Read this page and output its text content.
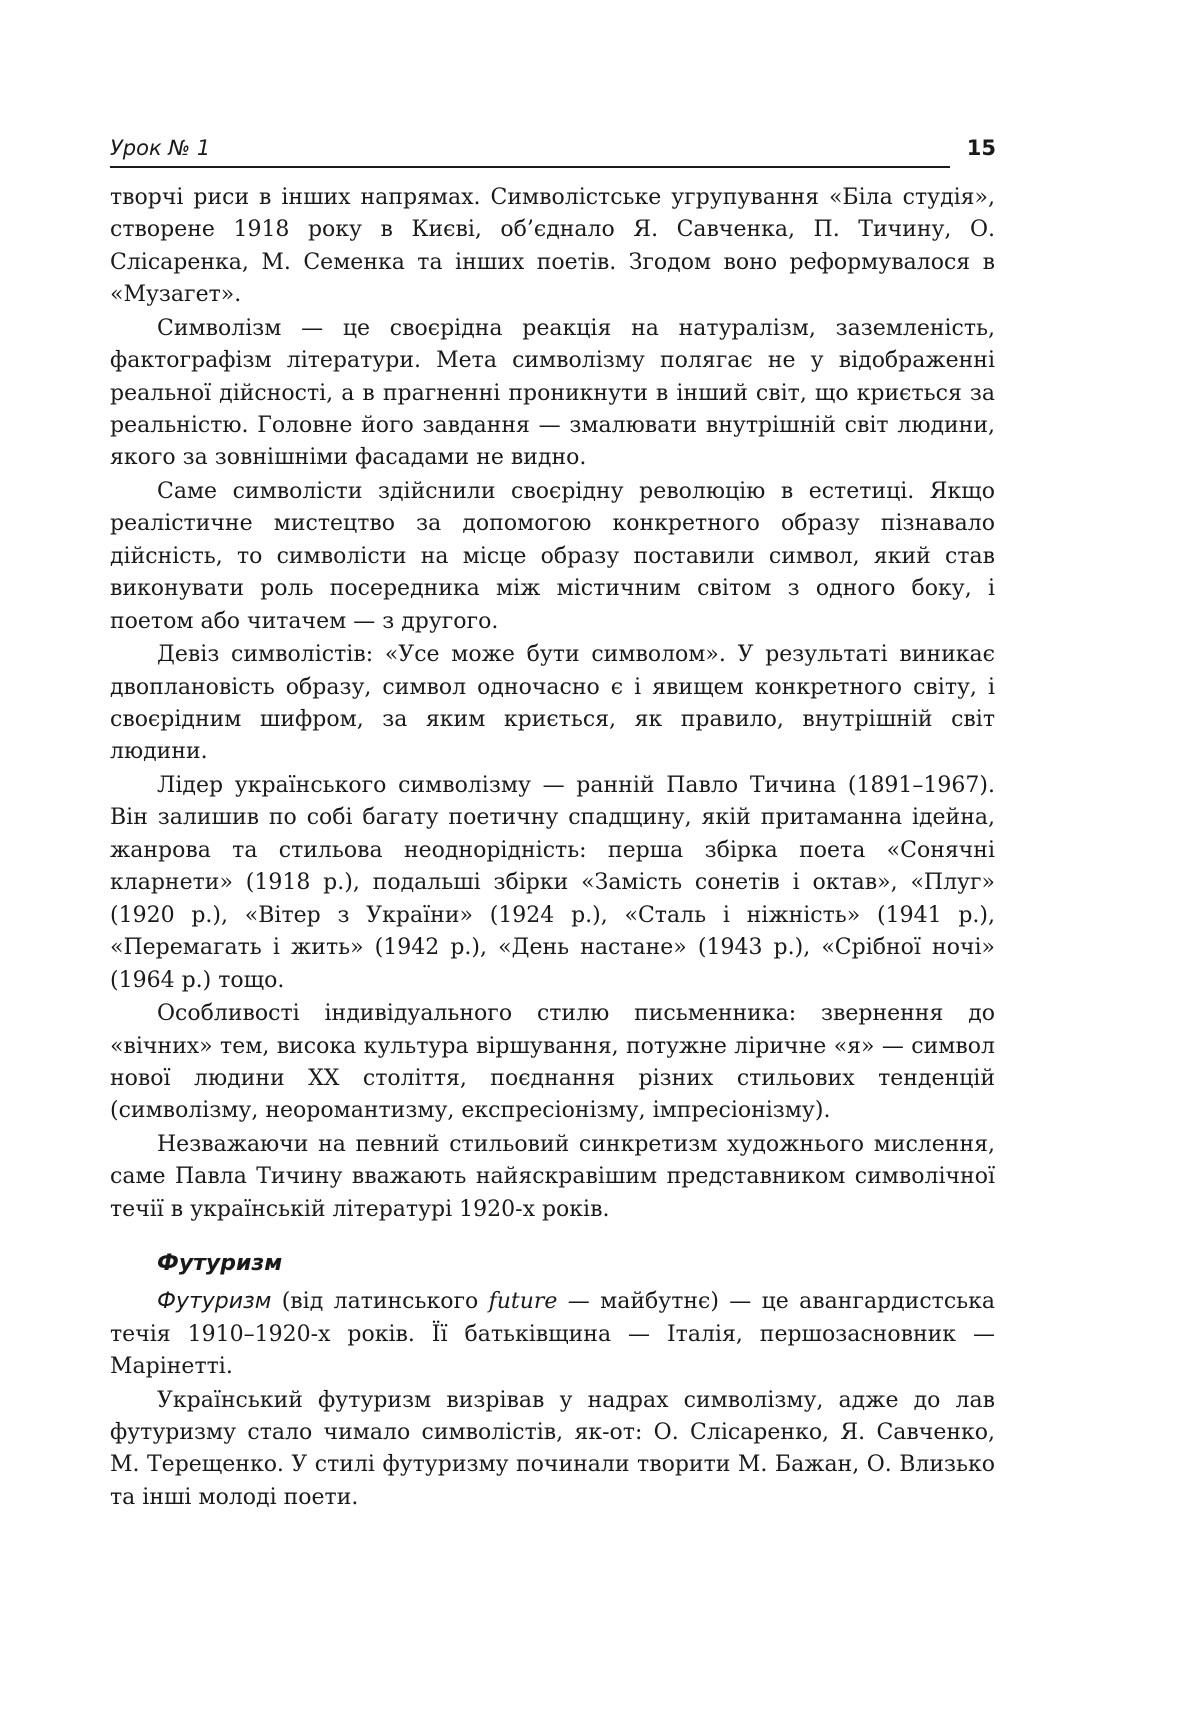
Урок № 1	15

творчі риси в інших напрямах. Символістське угрупування «Біла студія», створене 1918 року в Києві, об’єднало Я. Савченка, П. Тичину, О. Слісаренка, М. Семенка та інших поетів. Згодом воно реформувалося в «Музагет».

Символізм — це своєрідна реакція на натуралізм, заземленість, фактографізм літератури. Мета символізму полягає не у відображенні реальної дійсності, а в прагненні проникнути в інший світ, що криється за реальністю. Головне його завдання — змалювати внутрішній світ людини, якого за зовнішніми фасадами не видно.

Саме символісти здійснили своєрідну революцію в естетиці. Якщо реалістичне мистецтво за допомогою конкретного образу пізнавало дійсність, то символісти на місце образу поставили символ, який став виконувати роль посередника між містичним світом з одного боку, і поетом або читачем — з другого.

Девіз символістів: «Усе може бути символом». У результаті виникає двоплановість образу, символ одночасно є і явищем конкретного світу, і своєрідним шифром, за яким криється, як правило, внутрішній світ людини.

Лідер українського символізму — ранній Павло Тичина (1891–1967). Він залишив по собі багату поетичну спадщину, якій притаманна ідейна, жанрова та стильова неоднорідність: перша збірка поета «Сонячні кларнети» (1918 р.), подальші збірки «Замість сонетів і октав», «Плуг» (1920 р.), «Вітер з України» (1924 р.), «Сталь і ніжність» (1941 р.), «Перемагать і жить» (1942 р.), «День настане» (1943 р.), «Срібної ночі» (1964 р.) тощо.

Особливості індивідуального стилю письменника: звернення до «вічних» тем, висока культура віршування, потужне ліричне «я» — символ нової людини XX століття, поєднання різних стильових тенденцій (символізму, неоромантизму, експресіонізму, імпресіонізму).

Незважаючи на певний стильовий синкретизм художнього мислення, саме Павла Тичину вважають найяскравішим представником символічної течії в українській літературі 1920-х років.

Футуризм

Футуризм (від латинського future — майбутнє) — це авангардистська течія 1910–1920-х років. Її батьківщина — Італія, першозасновник — Марінетті.

Український футуризм визрівав у надрах символізму, адже до лав футуризму стало чимало символістів, як-от: О. Слісаренко, Я. Савченко, М. Терещенко. У стилі футуризму починали творити М. Бажан, О. Влизько та інші молоді поети.
